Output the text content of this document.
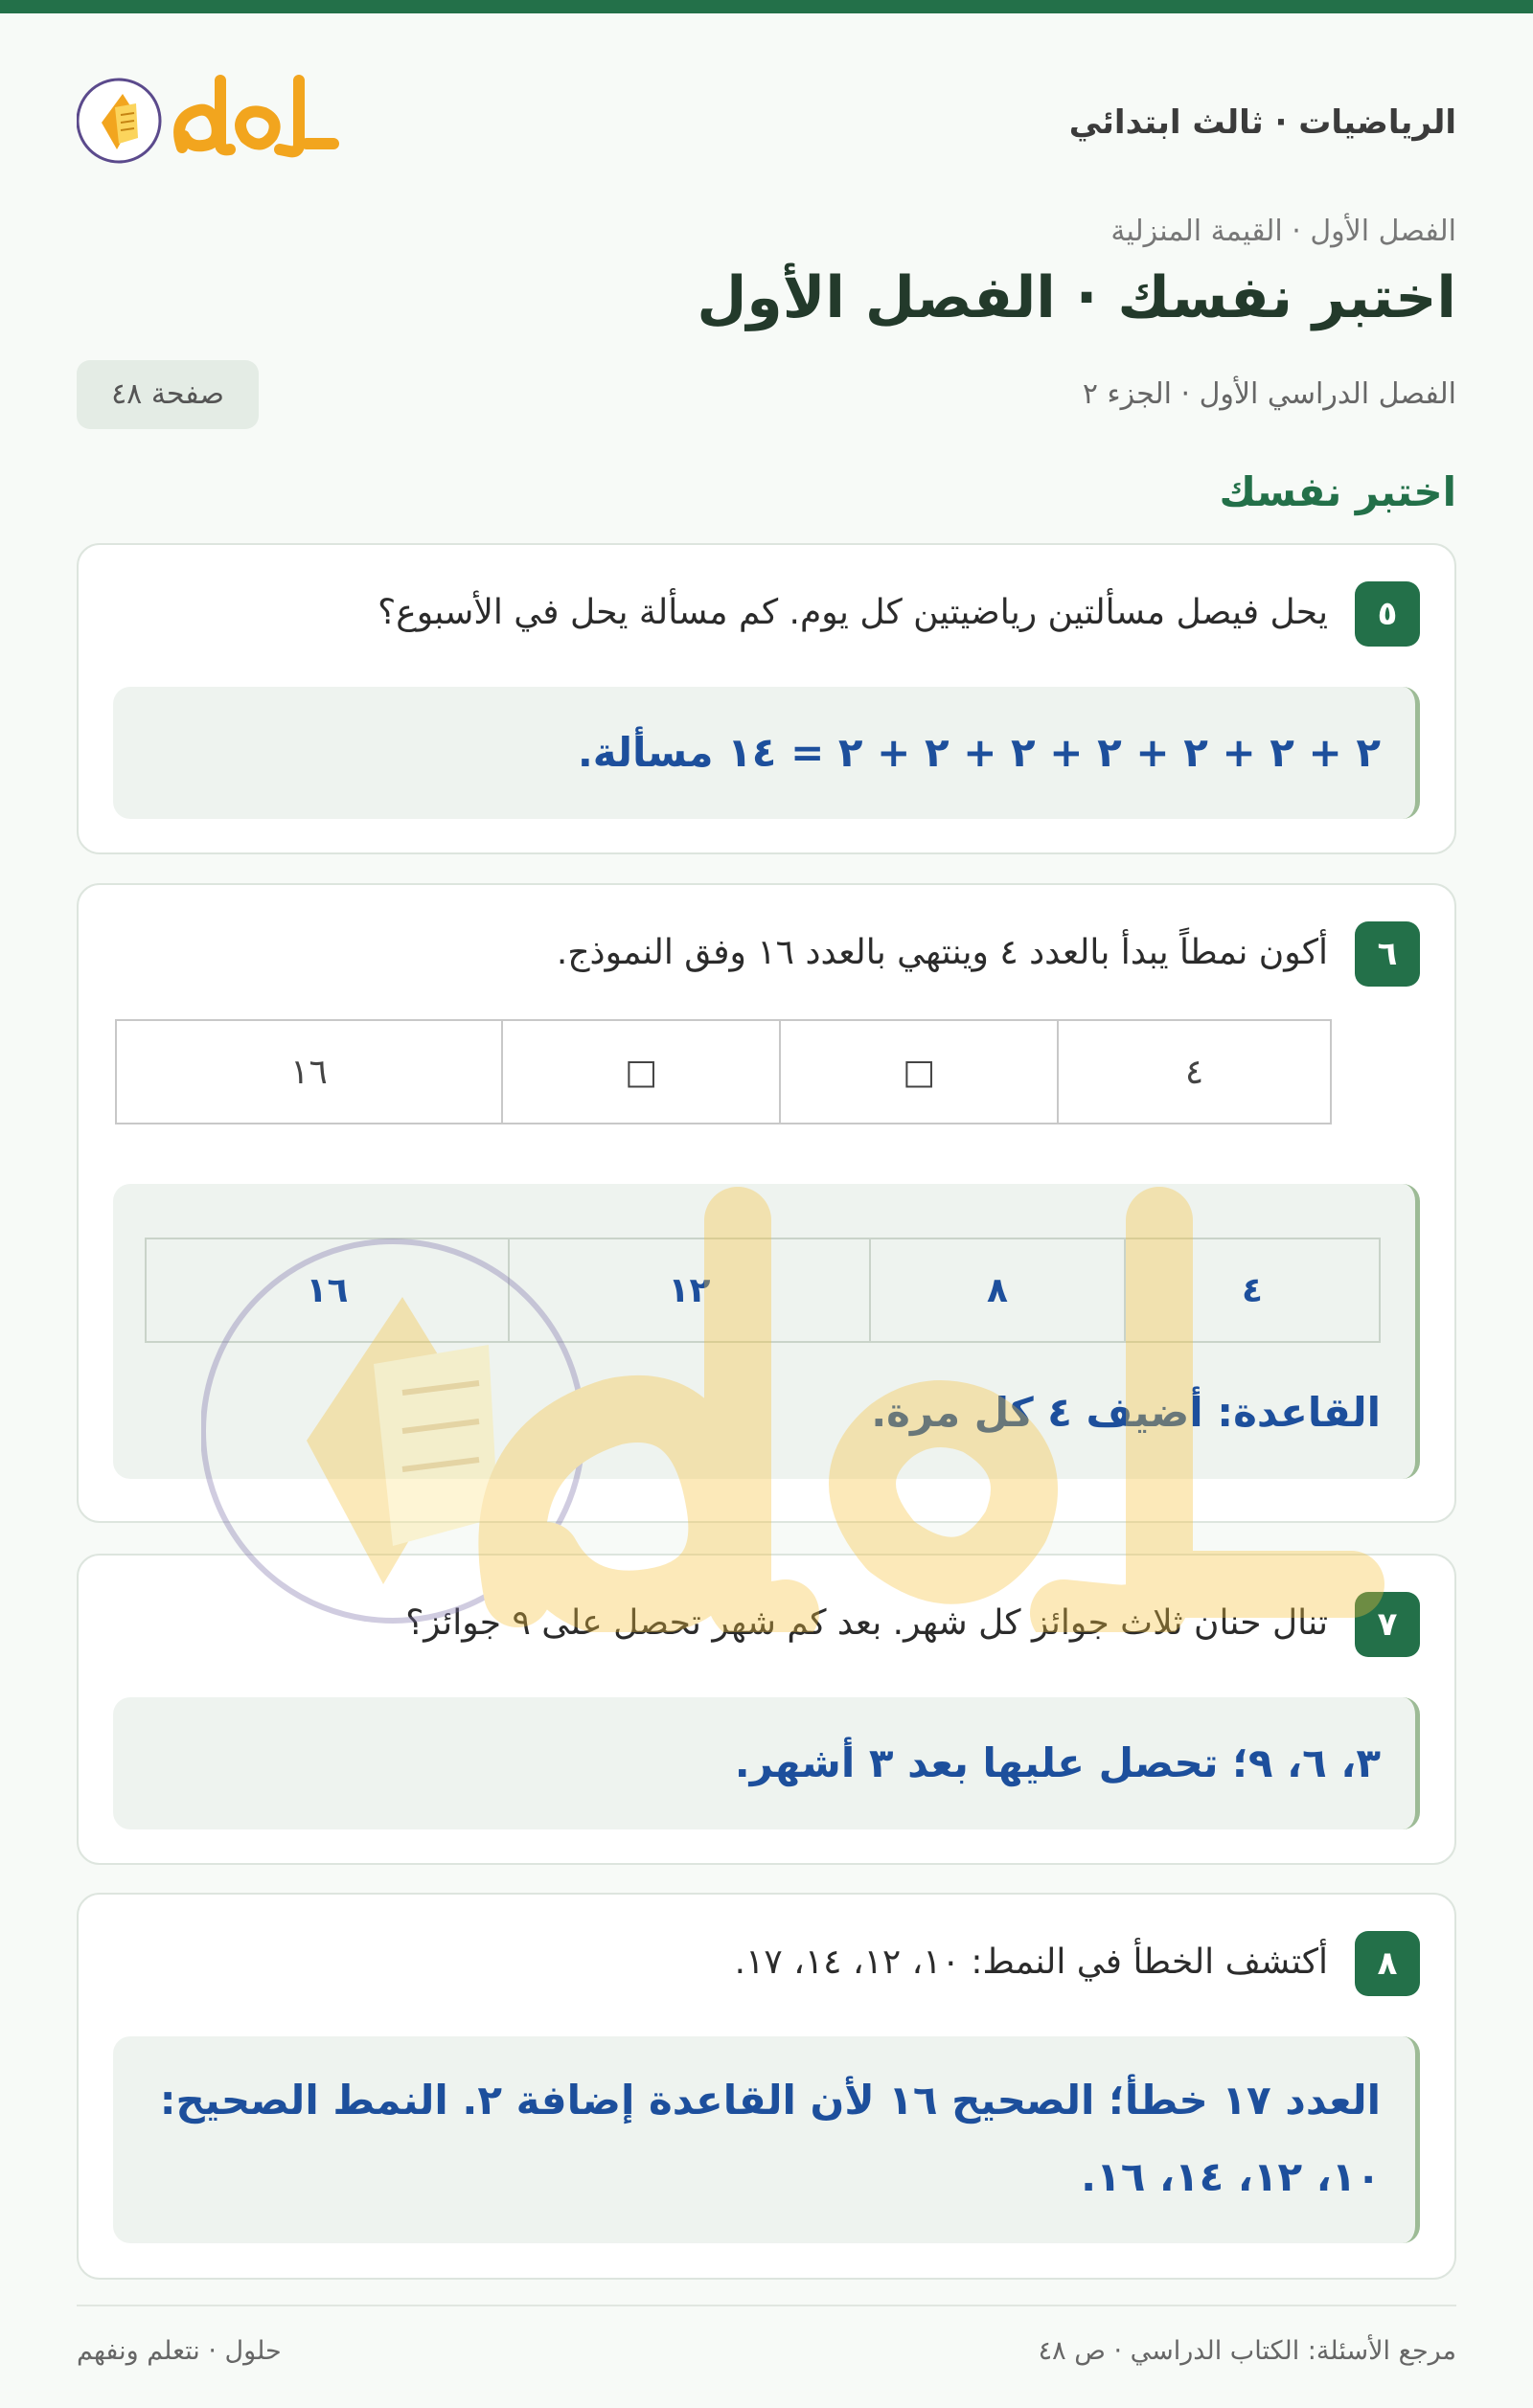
الرياضيات · ثالث ابتدائي
الفصل الأول · القيمة المنزلية
اختبر نفسك · الفصل الأول
الفصل الدراسي الأول · الجزء ٢
صفحة ٤٨
اختبر نفسك
٥
يحل فيصل مسألتين رياضيتين كل يوم. كم مسألة يحل في الأسبوع؟
٢ + ٢ + ٢ + ٢ + ٢ + ٢ + ٢ = ١٤ مسألة.
٦
أكون نمطاً يبدأ بالعدد ٤ وينتهي بالعدد ١٦ وفق النموذج.
٤	□	□	١٦
٤	٨	١٢	١٦
القاعدة: أضيف ٤ كل مرة.
٧
تنال حنان ثلاث جوائز كل شهر. بعد كم شهر تحصل على ٩ جوائز؟
٣، ٦، ٩؛ تحصل عليها بعد ٣ أشهر.
٨
أكتشف الخطأ في النمط: ١٠، ١٢، ١٤، ١٧.
العدد ١٧ خطأ؛ الصحيح ١٦ لأن القاعدة إضافة ٢. النمط الصحيح:
١٠، ١٢، ١٤، ١٦.
مرجع الأسئلة: الكتاب الدراسي · ص ٤٨
حلول · نتعلم ونفهم
